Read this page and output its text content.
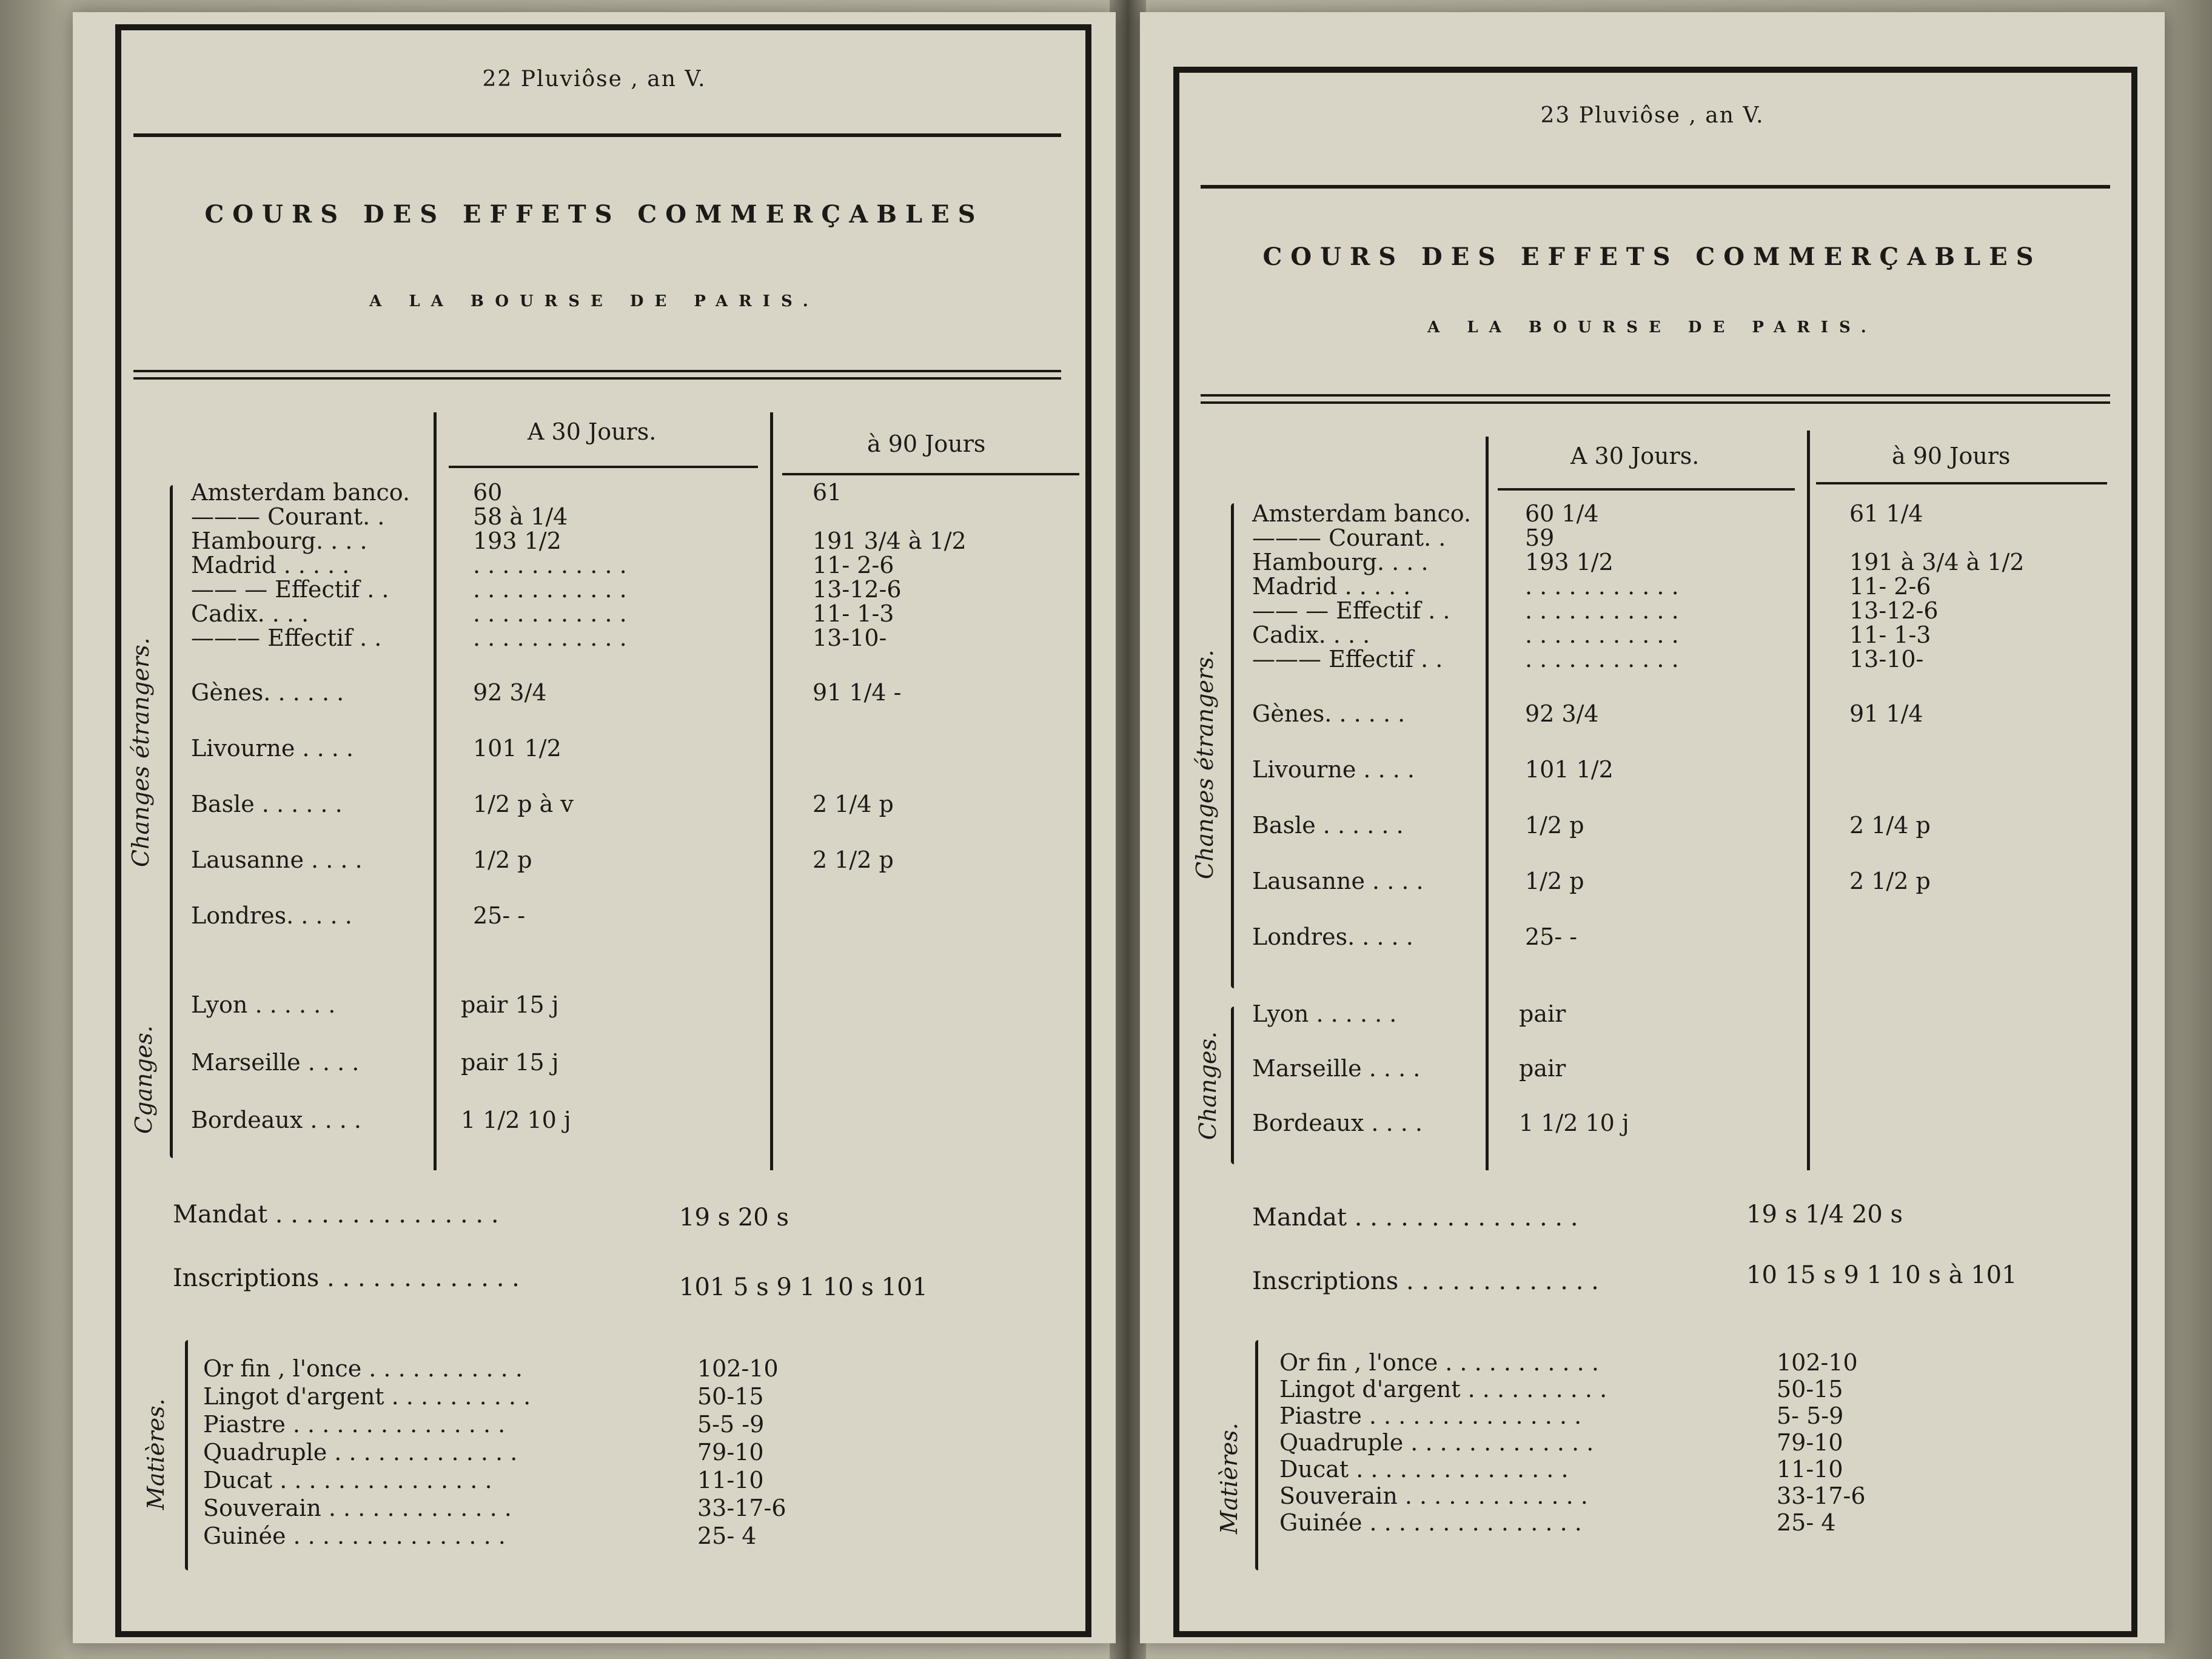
22 Pluviôse , an V.
COURS DES EFFETS COMMERÇABLES
A LA BOURSE DE PARIS.
A 30 Jours.	à 90 Jours
Changes étrangers.
Amsterdam banco.	60	61
——— Courant. .	58 à 1/4
Hambourg. . . .	193 1/2	191 3/4 à 1/2
Madrid . . . . .	. . . . . . . . . . .	11- 2-6
—— — Effectif . .	. . . . . . . . . . .	13-12-6
Cadix. . . .	. . . . . . . . . . .	11- 1-3
——— Effectif . .	. . . . . . . . . . .	13-10-
Gènes. . . . . .	92 3/4	91 1/4 -
Livourne . . . .	101 1/2
Basle . . . . . .	1/2 p à v	2 1/4 p
Lausanne . . . .	1/2 p	2 1/2 p
Londres. . . . .	25- -
Cganges.
Lyon . . . . . .	pair 15 j
Marseille . . . .	pair 15 j
Bordeaux . . . .	1 1/2 10 j
Mandat . . . . . . . . . . . . . . .	19 s 20 s
Inscriptions . . . . . . . . . . . . .	101 5 s 9 1 10 s 101
Matières.
Or fin , l'once . . . . . . . . . . .	102-10
Lingot d'argent . . . . . . . . . .	50-15
Piastre . . . . . . . . . . . . . . .	5-5 -9
Quadruple . . . . . . . . . . . . .	79-10
Ducat . . . . . . . . . . . . . . .	11-10
Souverain . . . . . . . . . . . . .	33-17-6
Guinée . . . . . . . . . . . . . . .	25- 4
23 Pluviôse , an V.
COURS DES EFFETS COMMERÇABLES
A LA BOURSE DE PARIS.
A 30 Jours.	à 90 Jours
Changes étrangers.
Amsterdam banco. 60 1/4	61 1/4
——— Courant. .	59
Hambourg. . . .	193 1/2	191 à 3/4 à 1/2
Madrid . . . . .	. . . . . . . . . . .	11- 2-6
—— — Effectif . .	. . . . . . . . . . .	13-12-6
Cadix. . . .	. . . . . . . . . . .	11- 1-3
——— Effectif . .	. . . . . . . . . . .	13-10-
Gènes. . . . . .	92 3/4	91 1/4
Livourne . . . .	101 1/2
Basle . . . . . .	1/2 p	2 1/4 p
Lausanne . . . .	1/2 p	2 1/2 p
Londres. . . . .	25- -
Changes.
Lyon . . . . . .	pair
Marseille . . . .	pair
Bordeaux . . . .	1 1/2 10 j
Mandat . . . . . . . . . . . . . . .	19 s 1/4 20 s
Inscriptions . . . . . . . . . . . . .	10 15 s 9 1 10 s à 101
Matières.
Or fin , l'once . . . . . . . . . . .	102-10
Lingot d'argent . . . . . . . . . .	50-15
Piastre . . . . . . . . . . . . . . .	5- 5-9
Quadruple . . . . . . . . . . . . .	79-10
Ducat . . . . . . . . . . . . . . .	11-10
Souverain . . . . . . . . . . . . .	33-17-6
Guinée . . . . . . . . . . . . . . .	25- 4
